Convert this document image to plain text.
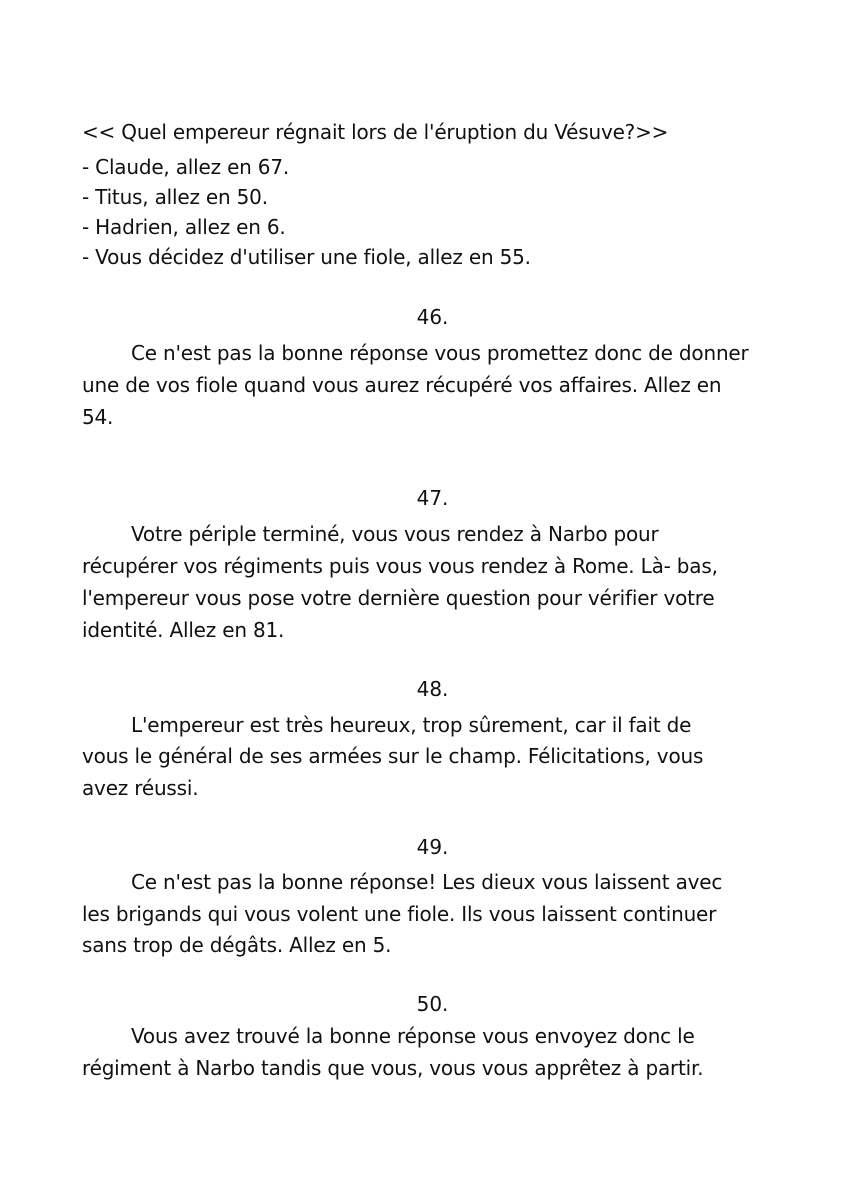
<< Quel empereur régnait lors de l'éruption du Vésuve?>>
- Claude, allez en 67.
- Titus, allez en 50.
- Hadrien, allez en 6.
- Vous décidez d'utiliser une fiole, allez en 55.
46.
Ce n'est pas la bonne réponse vous promettez donc de donner
une de vos fiole quand vous aurez récupéré vos affaires. Allez en
54.
47.
Votre périple terminé, vous vous rendez à Narbo pour
récupérer vos régiments puis vous vous rendez à Rome. Là- bas,
l'empereur vous pose votre dernière question pour vérifier votre
identité. Allez en 81.
48.
L'empereur est très heureux, trop sûrement, car il fait de
vous le général de ses armées sur le champ. Félicitations, vous
avez réussi.
49.
Ce n'est pas la bonne réponse! Les dieux vous laissent avec
les brigands qui vous volent une fiole. Ils vous laissent continuer
sans trop de dégâts. Allez en 5.
50.
Vous avez trouvé la bonne réponse vous envoyez donc le
régiment à Narbo tandis que vous, vous vous apprêtez à partir.
